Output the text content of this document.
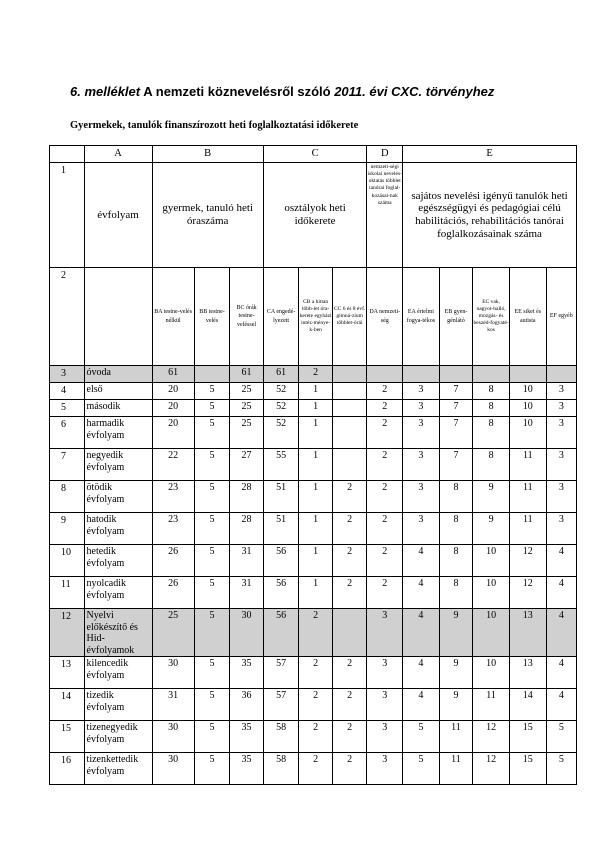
6. melléklet A nemzeti köznevelésről szóló 2011. évi CXC. törvényhez
Gyermekek, tanulók finanszírozott heti foglalkoztatási időkerete
	A	B			C			D	E				
1	évfolyam	gyermek, tanuló heti óraszáma			osztályok heti időkerete			nemzeti-ségi iskolai nevelés-oktatás többlet tanórai foglal-kozásai-nak száma	sajátos nevelési igényű tanulók heti egészségügyi és pedagógiai célú habilitációs, rehabilitációs tanórai foglalkozásainak száma				
2		BA testne-velés nélkül	BB testne-velés	BC órák testne-veléssel	CA engedé-lyezett	CB a hittan több-let óra-kerete egyházi intéz-ménye-k-ben	CC 6 és 8 évf. gimná-zium többlet-órái	DA nemzeti-ség	EA értelmi fogya-tékos	EB gyen-génlátó	EC vak, nagyot-halló, mozgás- és beszéd-fogyaté-kos	EE siket és autista	EF egyéb
3	óvoda	61		61	61	2							
4	első	20	5	25	52	1		2	3	7	8	10	3
5	második	20	5	25	52	1		2	3	7	8	10	3
6	harmadik évfolyam	20	5	25	52	1		2	3	7	8	10	3
7	negyedik évfolyam	22	5	27	55	1		2	3	7	8	11	3
8	ötödik évfolyam	23	5	28	51	1	2	2	3	8	9	11	3
9	hatodik évfolyam	23	5	28	51	1	2	2	3	8	9	11	3
10	hetedik évfolyam	26	5	31	56	1	2	2	4	8	10	12	4
11	nyolcadik évfolyam	26	5	31	56	1	2	2	4	8	10	12	4
12	Nyelvi előkészítő és Hid-évfolyamok	25	5	30	56	2		3	4	9	10	13	4
13	kilencedik évfolyam	30	5	35	57	2	2	3	4	9	10	13	4
14	tizedik évfolyam	31	5	36	57	2	2	3	4	9	11	14	4
15	tizenegyedik évfolyam	30	5	35	58	2	2	3	5	11	12	15	5
16	tizenkettedik évfolyam	30	5	35	58	2	2	3	5	11	12	15	5
